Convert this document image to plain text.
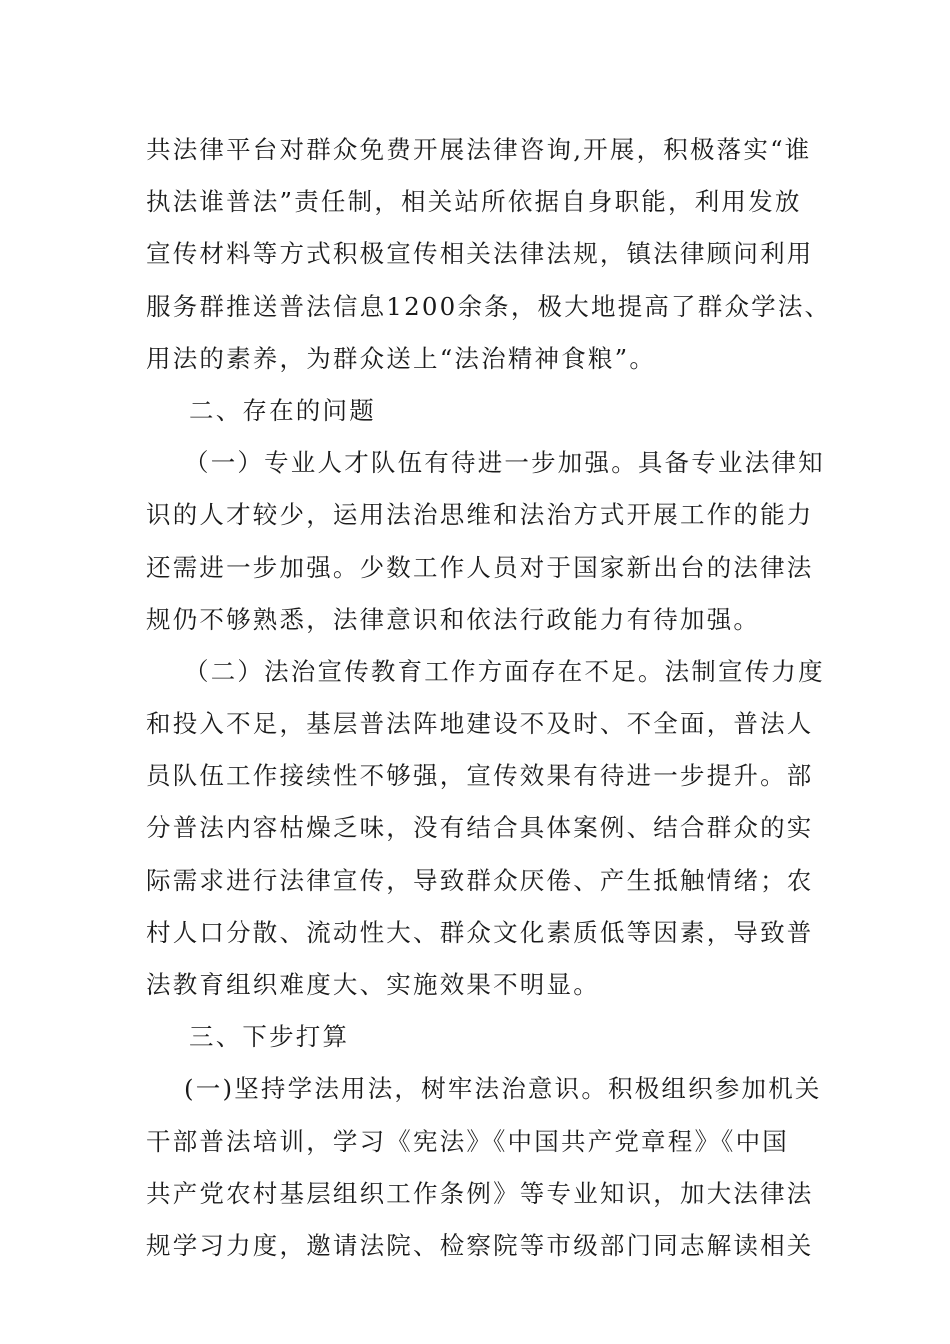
共法律平台对群众免费开展法律咨询,开展，积极落实“谁
执法谁普法”责任制，相关站所依据自身职能，利用发放
宣传材料等方式积极宣传相关法律法规，镇法律顾问利用
服务群推送普法信息1200余条，极大地提高了群众学法、
用法的素养，为群众送上“法治精神食粮”。
二、存在的问题
（一）专业人才队伍有待进一步加强。具备专业法律知
识的人才较少，运用法治思维和法治方式开展工作的能力
还需进一步加强。少数工作人员对于国家新出台的法律法
规仍不够熟悉，法律意识和依法行政能力有待加强。
（二）法治宣传教育工作方面存在不足。法制宣传力度
和投入不足，基层普法阵地建设不及时、不全面，普法人
员队伍工作接续性不够强，宣传效果有待进一步提升。部
分普法内容枯燥乏味，没有结合具体案例、结合群众的实
际需求进行法律宣传，导致群众厌倦、产生抵触情绪；农
村人口分散、流动性大、群众文化素质低等因素，导致普
法教育组织难度大、实施效果不明显。
三、下步打算
(一)坚持学法用法，树牢法治意识。积极组织参加机关
干部普法培训，学习《宪法》《中国共产党章程》《中国
共产党农村基层组织工作条例》等专业知识，加大法律法
规学习力度，邀请法院、检察院等市级部门同志解读相关
